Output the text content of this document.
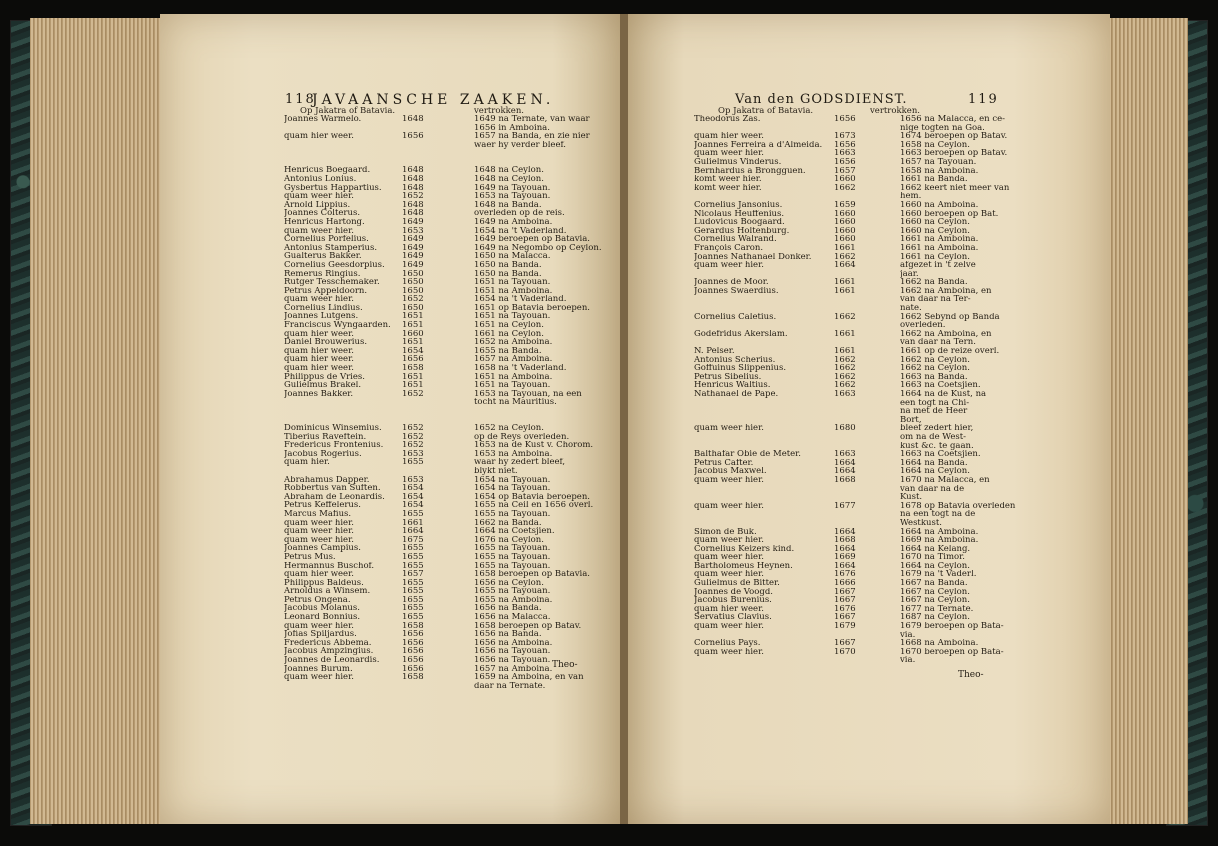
118
JAVAANSCHE ZAAKEN.
Op Jakatra of Batavia.	vertrokken.
Joannes Warmelo.	1648	1649 na Ternate, van waar
1656 in Amboina.
quam hier weer.	1656	1657 na Banda, en zie nier
waer hy verder bleef.
Henricus Boegaard.	1648	1648 na Ceylon.
Antonius Lonius.	1648	1648 na Ceylon.
Gysbertus Happartius.	1648	1649 na Tayouan.
quam weer hier.	1652	1653 na Tayouan.
Arnold Lippius.	1648	1648 na Banda.
Joannes Colterus.	1648	overleden op de reis.
Henricus Hartong.	1649	1649 na Amboina.
quam weer hier.	1653	1654 na 't Vaderland.
Cornelius Porfelius.	1649	1649 beroepen op Batavia.
Antonius Stamperius.	1649	1649 na Negombo op Ceylon.
Gualterus Bakker.	1649	1650 na Malacca.
Cornelius Geesdorpius.	1649	1650 na Banda.
Remerus Ringius.	1650	1650 na Banda.
Rutger Tesschemaker.	1650	1651 na Tayouan.
Petrus Appeldoorn.	1650	1651 na Amboina.
quam weer hier.	1652	1654 na 't Vaderland.
Cornelius Lindius.	1650	1651 op Batavia beroepen.
Joannes Lutgens.	1651	1651 na Tayouan.
Franciscus Wyngaarden.	1651	1651 na Ceylon.
quam hier weer.	1660	1661 na Ceylon.
Daniel Brouwerius.	1651	1652 na Amboina.
quam hier weer.	1654	1655 na Banda.
quam hier weer.	1656	1657 na Amboina.
quam hier weer.	1658	1658 na 't Vaderland.
Philippus de Vries.	1651	1651 na Amboina.
Gulielmus Brakel.	1651	1651 na Tayouan.
Joannes Bakker.	1652	1653 na Tayouan, na een
tocht na Mauritius.
Dominicus Winsemius.	1652	1652 na Ceylon.
Tiberius Raveftein.	1652	op de Reys overleden.
Fredericus Fronteníus.	1652	1653 na de Kust v. Chorom.
Jacobus Rogerius.	1653	1653 na Amboina.
quam hier.	1655	waar hy zedert bleef,
blykt niet.
Abrahamus Dapper.	1653	1654 na Tayouan.
Robbertus van Suften.	1654	1654 na Tayouan.
Abraham de Leonardis.	1654	1654 op Batavia beroepen.
Petrus Keffelerus.	1654	1655 na Ceil en 1656 overl.
Marcus Mafius.	1655	1655 na Tayouan.
quam weer hier.	1661	1662 na Banda.
quam weer hier.	1664	1664 na Coetsjien.
quam weer hier.	1675	1676 na Ceylon.
Joannes Campius.	1655	1655 na Tayouan.
Petrus Mus.	1655	1655 na Tayouan.
Hermannus Buschof.	1655	1655 na Tayouan.
quam hier weer.	1657	1658 beroepen op Batavia.
Philippus Baldeus.	1655	1656 na Ceylon.
Arnoldus a Winsem.	1655	1655 na Tayouan.
Petrus Ongena.	1655	1655 na Amboina.
Jacobus Molanus.	1655	1656 na Banda.
Leonard Bonnius.	1655	1656 na Malacca.
quam weer hier.	1658	1658 beroepen op Batav.
Jofias Spiljardus.	1656	1656 na Banda.
Fredericus Abbema.	1656	1656 na Amboina.
Jacobus Ampzingius.	1656	1656 na Tayouan.
Joannes de Leonardis.	1656	1656 na Tayouan.
Joannes Burum.	1656	1657 na Amboina.
quam weer hier.	1658	1659 na Amboina, en van
daar na Ternate.
Theo-
Van den GODSDIENST.	119
Op Jakatra of Batavia.	vertrokken.
Theodorus Zas.	1656	1656 na Malacca, en ce-
nige togten na Goa.
quam hier weer.	1673	1674 beroepen op Batav.
Joannes Ferreira a d'Almeida. 1656	1658 na Ceylon.
quam weer hier.	1663	1663 beroepen op Batav.
Gulielmus Vinderus.	1656	1657 na Tayouan.
Bernhardus a Brongguen.	1657	1658 na Amboina.
komt weer hier.	1660	1661 na Banda.
komt weer hier.	1662	1662 keert niet meer van
hem.
Cornelius Jansonius.	1659	1660 na Amboina.
Nicolaus Heuffenius.	1660	1660 beroepen op Bat.
Ludovicus Boogaard.	1660	1660 na Ceylon.
Gerardus Holtenburg.	1660	1660 na Ceylon.
Cornelius Walrand.	1660	1661 na Amboina.
François Caron.	1661	1661 na Amboina.
Joannes Nathanael Donker.	1662	1661 na Ceylon.
quam weer hier.	1664	afgezet in 't zelve
jaar.
Joannes de Moor.	1661	1662 na Banda.
Joannes Swaerdius.	1661	1662 na Amboina, en
van daar na Ter-
nate.
Cornelius Caletius.	1662	1662 Sebynd op Banda
overleden.
Godefridus Akerslam.	1661	1662 na Amboina, en
van daar na Tern.
N. Pelser.	1661	1661 op de reize overl.
Antonius Scherius.	1662	1662 na Ceylon.
Goffuinus Slippenius.	1662	1662 na Ceylon.
Petrus Sibelius.	1662	1663 na Banda.
Henricus Waltius.	1662	1663 na Coetsjien.
Nathanael de Pape.	1663	1664 na de Kust, na
een togt na Chi-
na met de Heer
Bort,
quam weer hier.	1680	bleef zedert hier,
om na de West-
kust &c. te gaan.
Balthafar Obie de Meter.	1663	1663 na Coetsjien.
Petrus Cafter.	1664	1664 na Banda.
Jacobus Maxwel.	1664	1664 na Ceylon.
quam weer hier.	1668	1670 na Malacca, en
van daar na de
Kust.
quam weer hier.	1677	1678 op Batavia overleden
na een togt na de
Westkust.
Simon de Buk.	1664	1664 na Amboina.
quam weer hier.	1668	1669 na Amboina.
Cornelius Keizers kind.	1664	1664 na Kelang.
quam weer hier.	1669	1670 na Timor.
Bartholomeus Heynen.	1664	1664 na Ceylon.
quam weer hier.	1676	1679 na 't Vaderl.
Gulielmus de Bitter.	1666	1667 na Banda.
Joannes de Voogd.	1667	1667 na Ceylon.
Jacobus Burenius.	1667	1667 na Ceylon.
quam hier weer.	1676	1677 na Ternate.
Servatius Clavius.	1667	1687 na Ceylon.
quam weer hier.	1679	1679 beroepen op Bata-
via.
Cornelius Pays.	1667	1668 na Amboina.
quam weer hier.	1670	1670 beroepen op Bata-
via.
Theo-
